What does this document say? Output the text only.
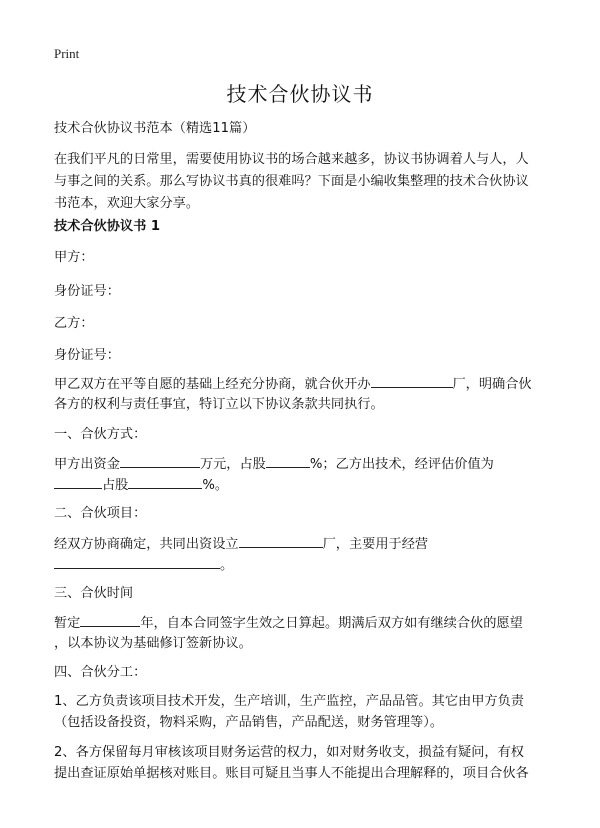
Print
技术合伙协议书
技术合伙协议书范本（精选11篇）
在我们平凡的日常里，需要使用协议书的场合越来越多，协议书协调着人与人，人
与事之间的关系。那么写协议书真的很难吗？下面是小编收集整理的技术合伙协议
书范本，欢迎大家分享。
技术合伙协议书 1
甲方：
身份证号：
乙方：
身份证号：
甲乙双方在平等自愿的基础上经充分协商，就合伙开办	厂，明确合伙
各方的权利与责任事宜，特订立以下协议条款共同执行。
一、合伙方式：
甲方出资金	万元，占股	%；乙方出技术，经评估价值为
占股	%。
二、合伙项目：
经双方协商确定，共同出资设立	厂，主要用于经营
。
三、合伙时间
暂定	年，自本合同签字生效之日算起。期满后双方如有继续合伙的愿望
，以本协议为基础修订签新协议。
四、合伙分工：
1、乙方负责该项目技术开发，生产培训，生产监控，产品品管。其它由甲方负责
（包括设备投资，物料采购，产品销售，产品配送，财务管理等）。
2、各方保留每月审核该项目财务运营的权力，如对财务收支，损益有疑问，有权
提出查证原始单据核对账目。账目可疑且当事人不能提出合理解释的，项目合伙各
